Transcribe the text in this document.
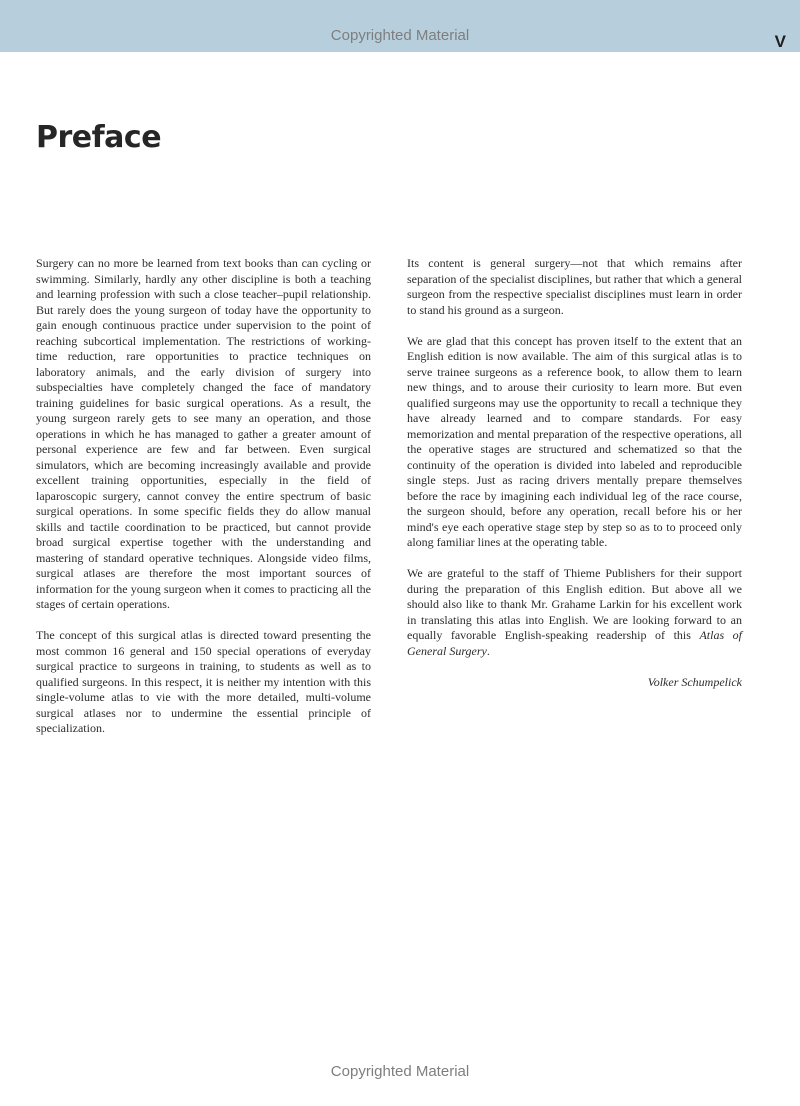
Copyrighted Material	V
Preface

Surgery can no more be learned from text books than can cycling or swimming. Similarly, hardly any other discipline is both a teaching and learning profession with such a close teacher–pupil relationship. But rarely does the young surgeon of today have the opportunity to gain enough continuous practice under supervision to the point of reaching subcortical implementation. The restrictions of working-time reduction, rare opportunities to practice techniques on laboratory animals, and the early division of surgery into subspecialties have completely changed the face of mandatory training guidelines for basic surgical operations. As a result, the young surgeon rarely gets to see many an operation, and those operations in which he has managed to gather a greater amount of personal experience are few and far between. Even surgical simulators, which are becoming increasingly available and provide excellent training opportunities, especially in the field of laparoscopic surgery, cannot convey the entire spectrum of basic surgical operations. In some specific fields they do allow manual skills and tactile coordination to be practiced, but cannot provide broad surgical expertise together with the understanding and mastering of standard operative techniques. Alongside video films, surgical atlases are therefore the most important sources of information for the young surgeon when it comes to practicing all the stages of certain operations.

The concept of this surgical atlas is directed toward presenting the most common 16 general and 150 special operations of everyday surgical practice to surgeons in training, to students as well as to qualified surgeons. In this respect, it is neither my intention with this single-volume atlas to vie with the more detailed, multi-volume surgical atlases nor to undermine the essential principle of specialization.

Its content is general surgery—not that which remains after separation of the specialist disciplines, but rather that which a general surgeon from the respective specialist disciplines must learn in order to stand his ground as a surgeon.

We are glad that this concept has proven itself to the extent that an English edition is now available. The aim of this surgical atlas is to serve trainee surgeons as a reference book, to allow them to learn new things, and to arouse their curiosity to learn more. But even qualified surgeons may use the opportunity to recall a technique they have already learned and to compare standards. For easy memorization and mental preparation of the respective operations, all the operative stages are structured and schematized so that the continuity of the operation is divided into labeled and reproducible single steps. Just as racing drivers mentally prepare themselves before the race by imagining each individual leg of the race course, the surgeon should, before any operation, recall before his or her mind's eye each operative stage step by step so as to to proceed only along familiar lines at the operating table.

We are grateful to the staff of Thieme Publishers for their support during the preparation of this English edition. But above all we should also like to thank Mr. Grahame Larkin for his excellent work in translating this atlas into English. We are looking forward to an equally favorable English-speaking readership of this Atlas of General Surgery.

Volker Schumpelick

Copyrighted Material
